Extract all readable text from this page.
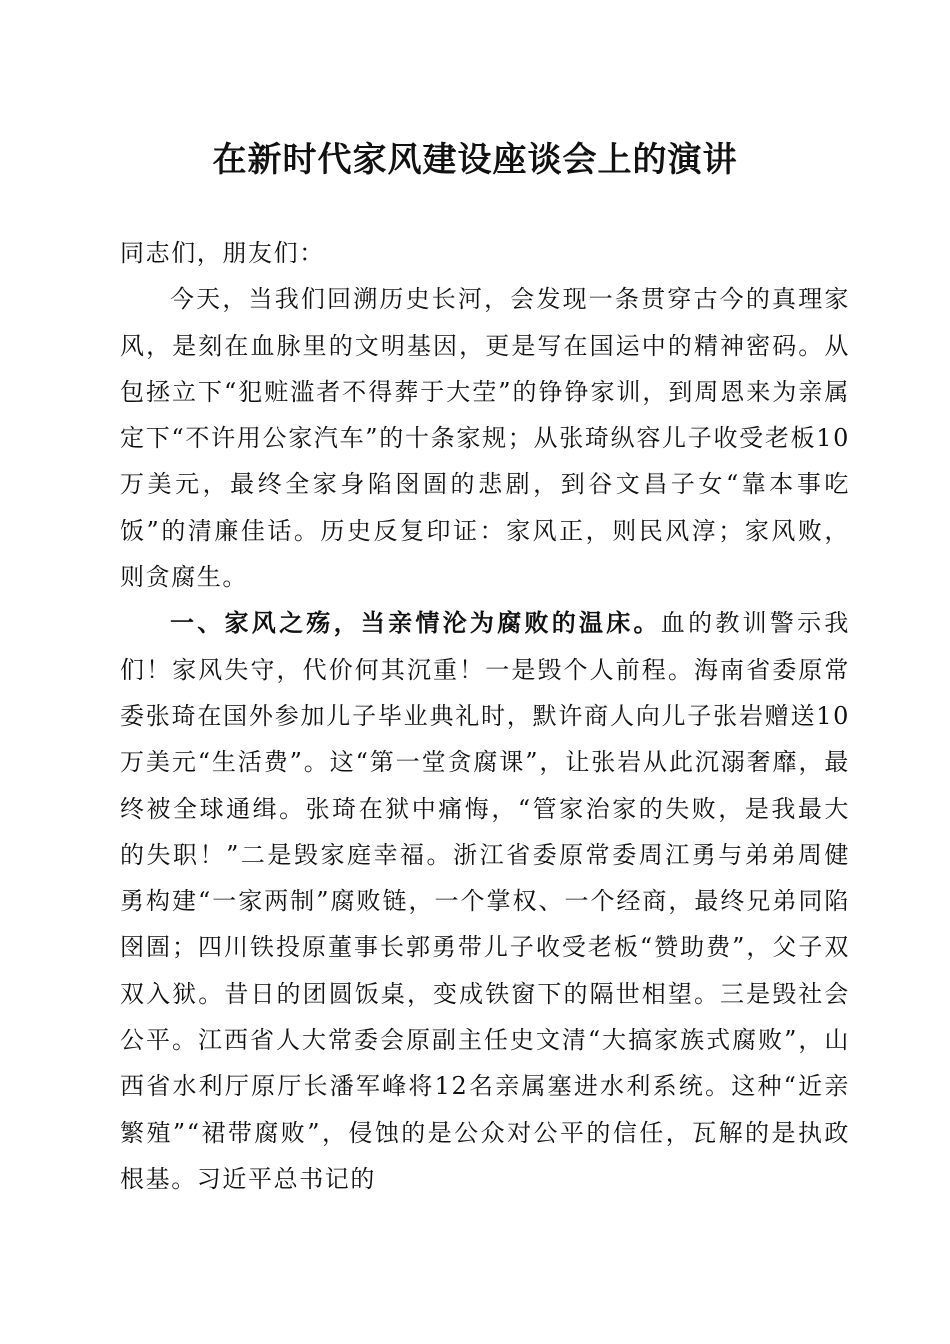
在新时代家风建设座谈会上的演讲

同志们，朋友们：

今天，当我们回溯历史长河，会发现一条贯穿古今的真理家风，是刻在血脉里的文明基因，更是写在国运中的精神密码。从包拯立下“犯赃滥者不得葬于大茔”的铮铮家训，到周恩来为亲属定下“不许用公家汽车”的十条家规；从张琦纵容儿子收受老板10万美元，最终全家身陷囹圄的悲剧，到谷文昌子女“靠本事吃饭”的清廉佳话。历史反复印证：家风正，则民风淳；家风败，则贪腐生。

一、家风之殇，当亲情沦为腐败的温床。血的教训警示我们！家风失守，代价何其沉重！一是毁个人前程。海南省委原常委张琦在国外参加儿子毕业典礼时，默许商人向儿子张岩赠送10万美元“生活费”。这“第一堂贪腐课”，让张岩从此沉溺奢靡，最终被全球通缉。张琦在狱中痛悔，“管家治家的失败，是我最大的失职！”二是毁家庭幸福。浙江省委原常委周江勇与弟弟周健勇构建“一家两制”腐败链，一个掌权、一个经商，最终兄弟同陷囹圄；四川铁投原董事长郭勇带儿子收受老板“赞助费”，父子双双入狱。昔日的团圆饭桌，变成铁窗下的隔世相望。三是毁社会公平。江西省人大常委会原副主任史文清“大搞家族式腐败”，山西省水利厅原厅长潘军峰将12名亲属塞进水利系统。这种“近亲繁殖”“裙带腐败”，侵蚀的是公众对公平的信任，瓦解的是执政根基。习近平总书记的
